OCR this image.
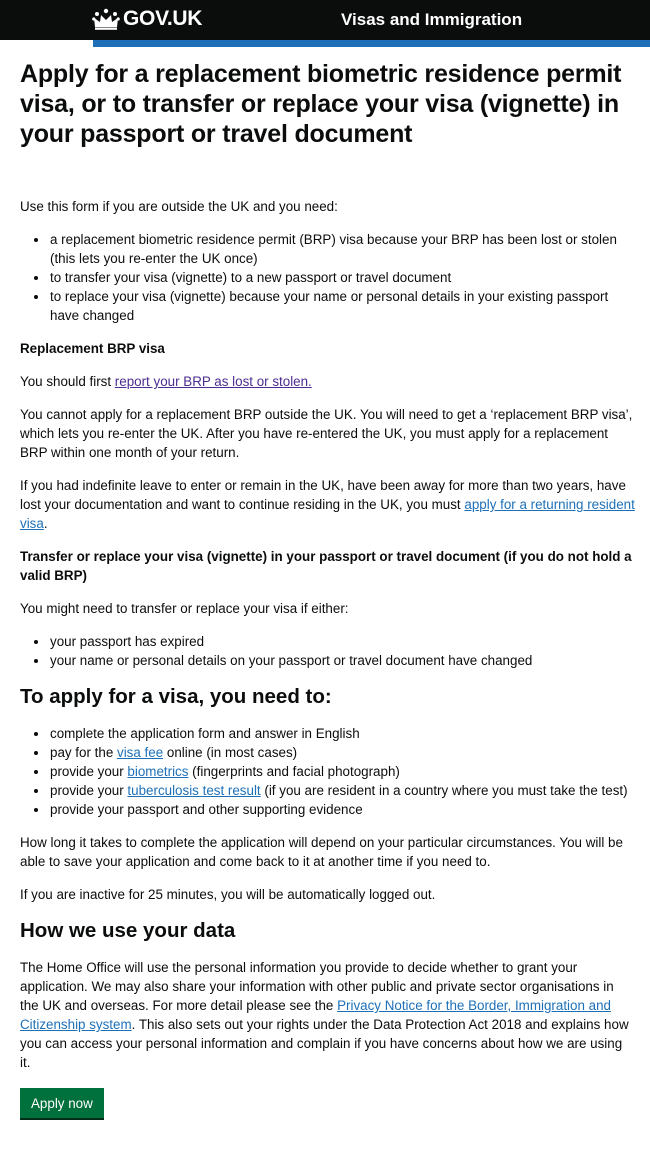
GOV.UK	Visas and Immigration
Apply for a replacement biometric residence permit visa, or to transfer or replace your visa (vignette) in your passport or travel document

Use this form if you are outside the UK and you need:

a replacement biometric residence permit (BRP) visa because your BRP has been lost or stolen (this lets you re-enter the UK once)
to transfer your visa (vignette) to a new passport or travel document
to replace your visa (vignette) because your name or personal details in your existing passport have changed

Replacement BRP visa

You should first report your BRP as lost or stolen.

You cannot apply for a replacement BRP outside the UK. You will need to get a ‘replacement BRP visa’, which lets you re-enter the UK. After you have re-entered the UK, you must apply for a replacement BRP within one month of your return.

If you had indefinite leave to enter or remain in the UK, have been away for more than two years, have lost your documentation and want to continue residing in the UK, you must apply for a returning resident visa.

Transfer or replace your visa (vignette) in your passport or travel document (if you do not hold a valid BRP)

You might need to transfer or replace your visa if either:

your passport has expired
your name or personal details on your passport or travel document have changed
To apply for a visa, you need to:
complete the application form and answer in English
pay for the visa fee online (in most cases)
provide your biometrics (fingerprints and facial photograph)
provide your tuberculosis test result (if you are resident in a country where you must take the test)
provide your passport and other supporting evidence

How long it takes to complete the application will depend on your particular circumstances. You will be able to save your application and come back to it at another time if you need to.

If you are inactive for 25 minutes, you will be automatically logged out.

How we use your data

The Home Office will use the personal information you provide to decide whether to grant your application. We may also share your information with other public and private sector organisations in the UK and overseas. For more detail please see the Privacy Notice for the Border, Immigration and Citizenship system. This also sets out your rights under the Data Protection Act 2018 and explains how you can access your personal information and complain if you have concerns about how we are using it.

Apply now
